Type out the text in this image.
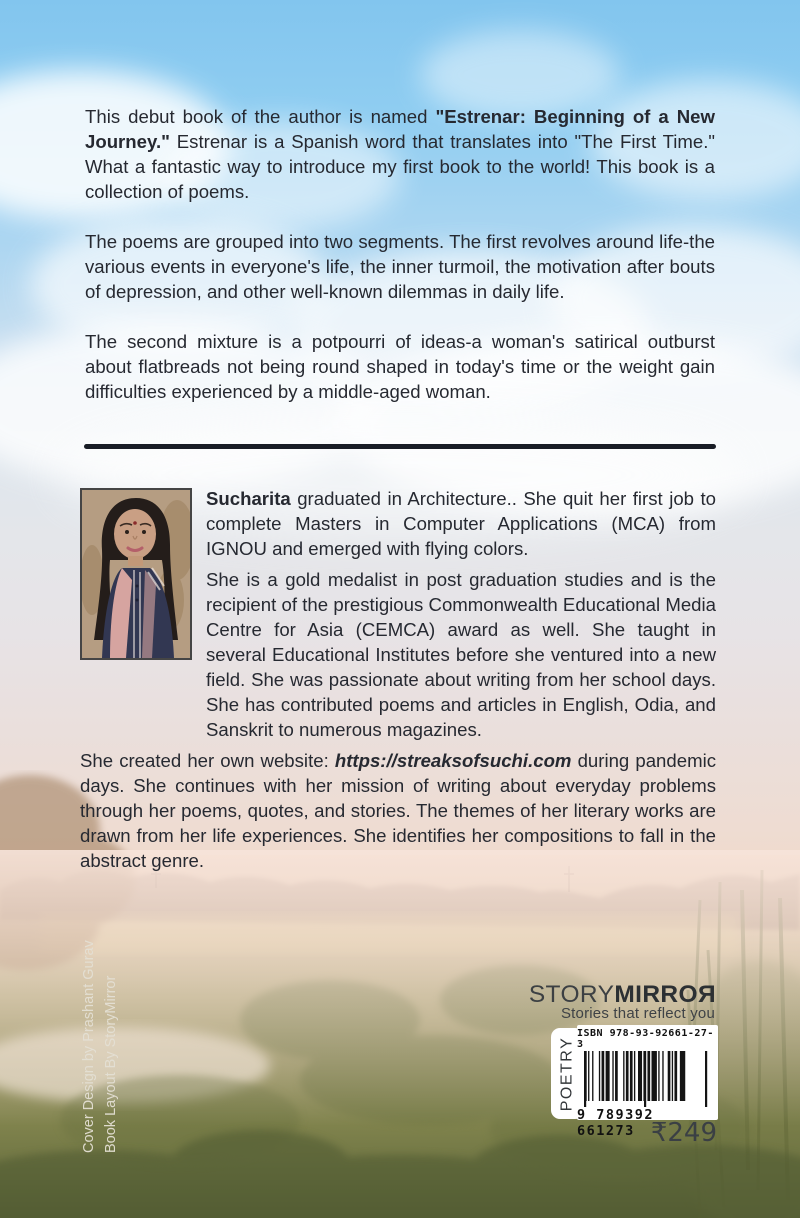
This debut book of the author is named "Estrenar: Beginning of a New Journey." Estrenar is a Spanish word that translates into "The First Time." What a fantastic way to introduce my first book to the world! This book is a collection of poems.

The poems are grouped into two segments. The first revolves around life-the various events in everyone's life, the inner turmoil, the motivation after bouts of depression, and other well-known dilemmas in daily life.

The second mixture is a potpourri of ideas-a woman's satirical outburst about flatbreads not being round shaped in today's time or the weight gain difficulties experienced by a middle-aged woman.

Sucharita graduated in Architecture.. She quit her first job to complete Masters in Computer Applications (MCA) from IGNOU and emerged with flying colors.

She is a gold medalist in post graduation studies and is the recipient of the prestigious Commonwealth Educational Media Centre for Asia (CEMCA) award as well. She taught in several Educational Institutes before she ventured into a new field. She was passionate about writing from her school days. She has contributed poems and articles in English, Odia, and Sanskrit to numerous magazines.

She created her own website: https://streaksofsuchi.com during pandemic days. She continues with her mission of writing about everyday problems through her poems, quotes, and stories. The themes of her literary works are drawn from her life experiences. She identifies her compositions to fall in the abstract genre.

STORYMIRROЯ
Stories that reflect you
POETRY
ISBN 978-93-92661-27-3
9 789392 661273 ₹249
Cover Design by Prashant Gurav Book Layout By StoryMirror
